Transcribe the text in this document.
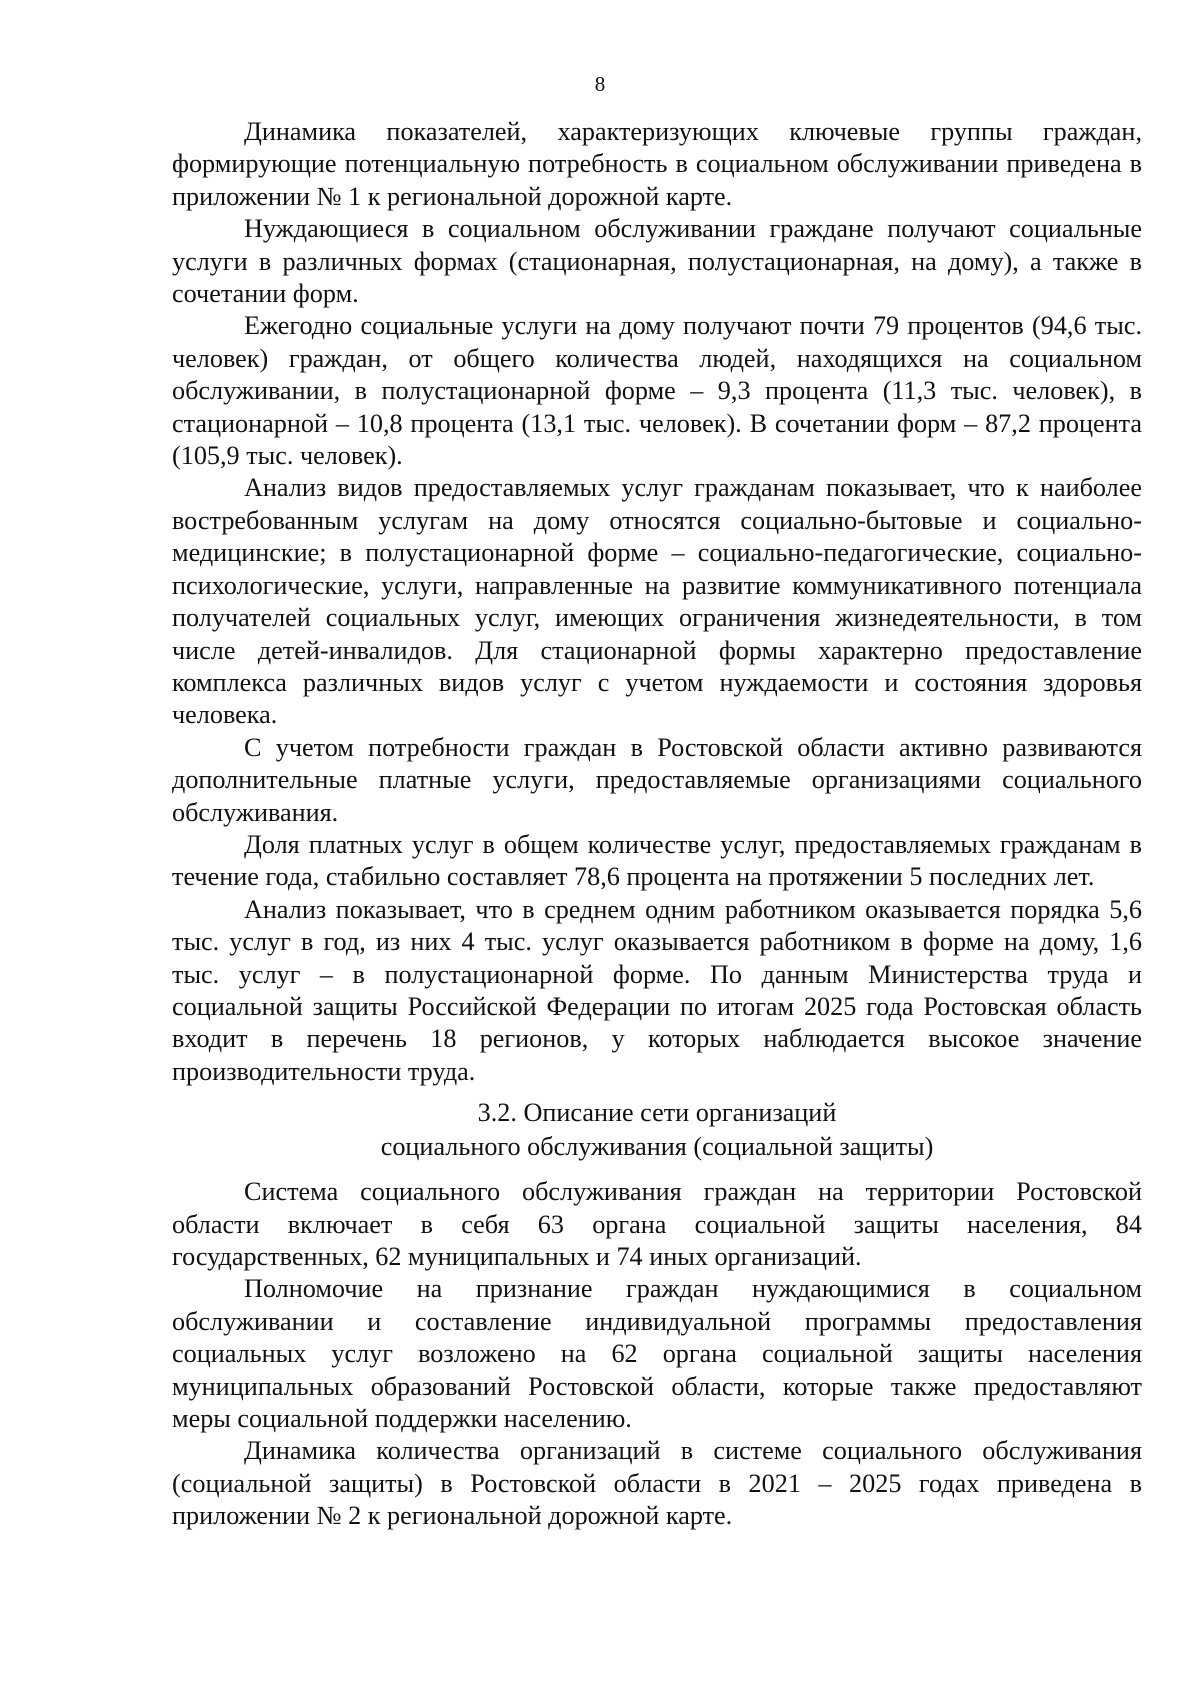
8

Динамика показателей, характеризующих ключевые группы граждан, формирующие потенциальную потребность в социальном обслуживании приведена в приложении № 1 к региональной дорожной карте.

Нуждающиеся в социальном обслуживании граждане получают социальные услуги в различных формах (стационарная, полустационарная, на дому), а также в сочетании форм.

Ежегодно социальные услуги на дому получают почти 79 процентов (94,6 тыс. человек) граждан, от общего количества людей, находящихся на социальном обслуживании, в полустационарной форме – 9,3 процента (11,3 тыс. человек), в стационарной – 10,8 процента (13,1 тыс. человек). В сочетании форм – 87,2 процента (105,9 тыс. человек).

Анализ видов предоставляемых услуг гражданам показывает, что к наиболее востребованным услугам на дому относятся социально-бытовые и социально-медицинские; в полустационарной форме – социально-педагогические, социально-психологические, услуги, направленные на развитие коммуникативного потенциала получателей социальных услуг, имеющих ограничения жизнедеятельности, в том числе детей-инвалидов. Для стационарной формы характерно предоставление комплекса различных видов услуг с учетом нуждаемости и состояния здоровья человека.

С учетом потребности граждан в Ростовской области активно развиваются дополнительные платные услуги, предоставляемые организациями социального обслуживания.

Доля платных услуг в общем количестве услуг, предоставляемых гражданам в течение года, стабильно составляет 78,6 процента на протяжении 5 последних лет.

Анализ показывает, что в среднем одним работником оказывается порядка 5,6 тыс. услуг в год, из них 4 тыс. услуг оказывается работником в форме на дому, 1,6 тыс. услуг – в полустационарной форме. По данным Министерства труда и социальной защиты Российской Федерации по итогам 2025 года Ростовская область входит в перечень 18 регионов, у которых наблюдается высокое значение производительности труда.

3.2. Описание сети организаций
социального обслуживания (социальной защиты)

Система социального обслуживания граждан на территории Ростовской области включает в себя 63 органа социальной защиты населения, 84 государственных, 62 муниципальных и 74 иных организаций.

Полномочие на признание граждан нуждающимися в социальном обслуживании и составление индивидуальной программы предоставления социальных услуг возложено на 62 органа социальной защиты населения муниципальных образований Ростовской области, которые также предоставляют меры социальной поддержки населению.

Динамика количества организаций в системе социального обслуживания (социальной защиты) в Ростовской области в 2021 – 2025 годах приведена в приложении № 2 к региональной дорожной карте.
